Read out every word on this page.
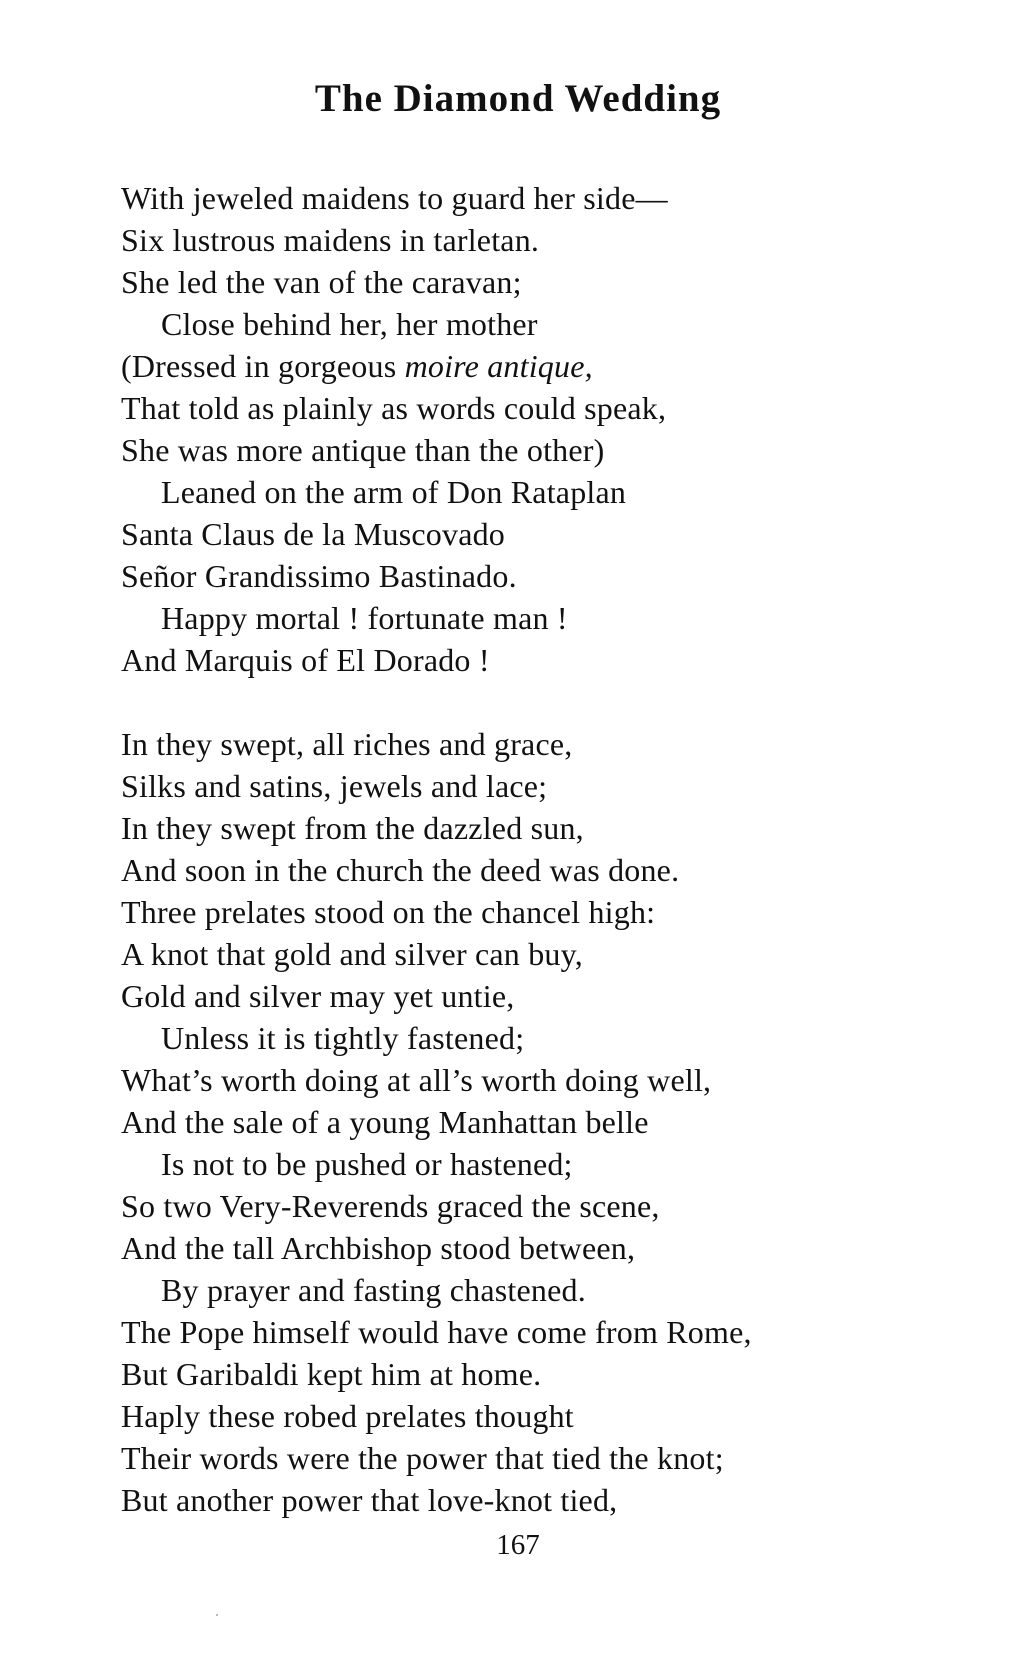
The Diamond Wedding
With jeweled maidens to guard her side—
Six lustrous maidens in tarletan.
She led the van of the caravan;
Close behind her, her mother
(Dressed in gorgeous moire antique,
That told as plainly as words could speak,
She was more antique than the other)
Leaned on the arm of Don Rataplan
Santa Claus de la Muscovado
Señor Grandissimo Bastinado.
Happy mortal ! fortunate man !
And Marquis of El Dorado !
In they swept, all riches and grace,
Silks and satins, jewels and lace;
In they swept from the dazzled sun,
And soon in the church the deed was done.
Three prelates stood on the chancel high:
A knot that gold and silver can buy,
Gold and silver may yet untie,
Unless it is tightly fastened;
What’s worth doing at all’s worth doing well,
And the sale of a young Manhattan belle
Is not to be pushed or hastened;
So two Very-Reverends graced the scene,
And the tall Archbishop stood between,
By prayer and fasting chastened.
The Pope himself would have come from Rome,
But Garibaldi kept him at home.
Haply these robed prelates thought
Their words were the power that tied the knot;
But another power that love-knot tied,
167
